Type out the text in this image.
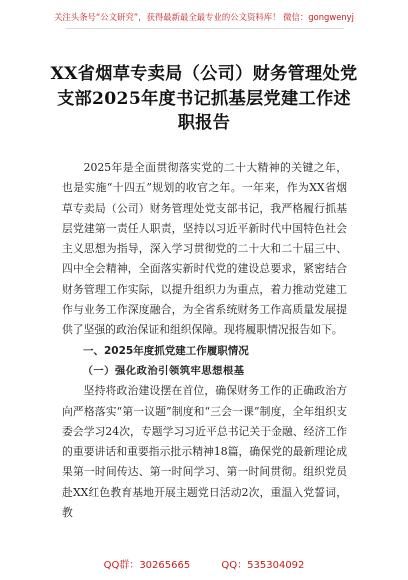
关注头条号“公文研究”，获得最新最全最专业的公文资料库！ 微信：gongwenyj
XX省烟草专卖局（公司）财务管理处党支部2025年度书记抓基层党建工作述职报告

2025年是全面贯彻落实党的二十大精神的关键之年，也是实施“十四五”规划的收官之年。一年来，作为XX省烟草专卖局（公司）财务管理处党支部书记，我严格履行抓基层党建第一责任人职责，坚持以习近平新时代中国特色社会主义思想为指导，深入学习贯彻党的二十大和二十届三中、四中全会精神，全面落实新时代党的建设总要求，紧密结合财务管理工作实际，以提升组织力为重点，着力推动党建工作与业务工作深度融合，为全省系统财务工作高质量发展提供了坚强的政治保证和组织保障。现将履职情况报告如下。

一、2025年度抓党建工作履职情况

（一）强化政治引领筑牢思想根基

坚持将政治建设摆在首位，确保财务工作的正确政治方向严格落实“第一议题”制度和“三会一课”制度，全年组织支委会学习24次，专题学习习近平总书记关于金融、经济工作的重要讲话和重要指示批示精神18篇，确保党的最新理论成果第一时间传达、第一时间学习、第一时间贯彻。组织党员赴XX红色教育基地开展主题党日活动2次，重温入党誓词，教

QQ群：30265665	QQ：535304092
